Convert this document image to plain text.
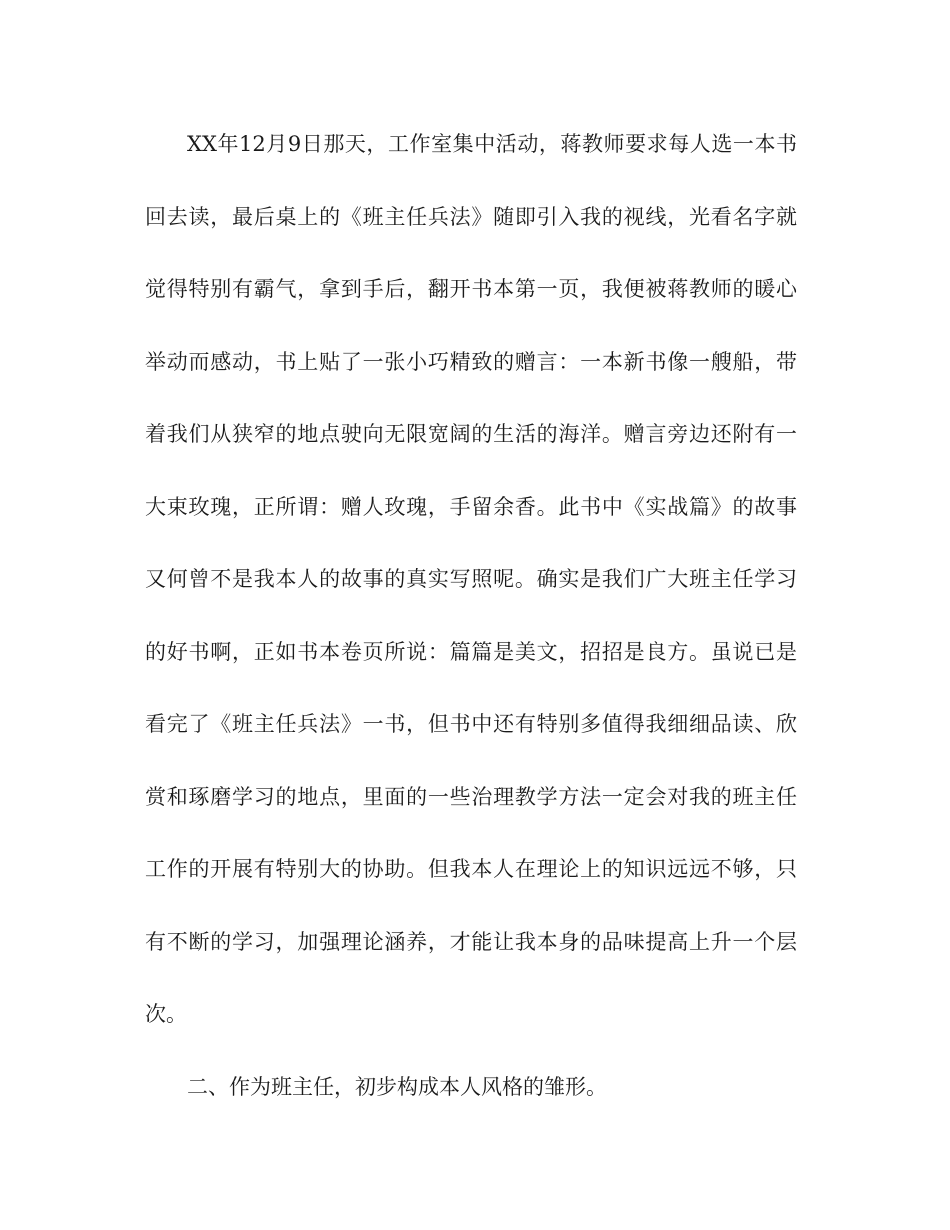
XX年12月9日那天，工作室集中活动，蒋教师要求每人选一本书
回去读，最后桌上的《班主任兵法》随即引入我的视线，光看名字就
觉得特别有霸气，拿到手后，翻开书本第一页，我便被蒋教师的暖心
举动而感动，书上贴了一张小巧精致的赠言：一本新书像一艘船，带
着我们从狭窄的地点驶向无限宽阔的生活的海洋。赠言旁边还附有一
大束玫瑰，正所谓：赠人玫瑰，手留余香。此书中《实战篇》的故事
又何曾不是我本人的故事的真实写照呢。确实是我们广大班主任学习
的好书啊，正如书本卷页所说：篇篇是美文，招招是良方。虽说已是
看完了《班主任兵法》一书，但书中还有特别多值得我细细品读、欣
赏和琢磨学习的地点，里面的一些治理教学方法一定会对我的班主任
工作的开展有特别大的协助。但我本人在理论上的知识远远不够，只
有不断的学习，加强理论涵养，才能让我本身的品味提高上升一个层
次。
二、作为班主任，初步构成本人风格的雏形。
